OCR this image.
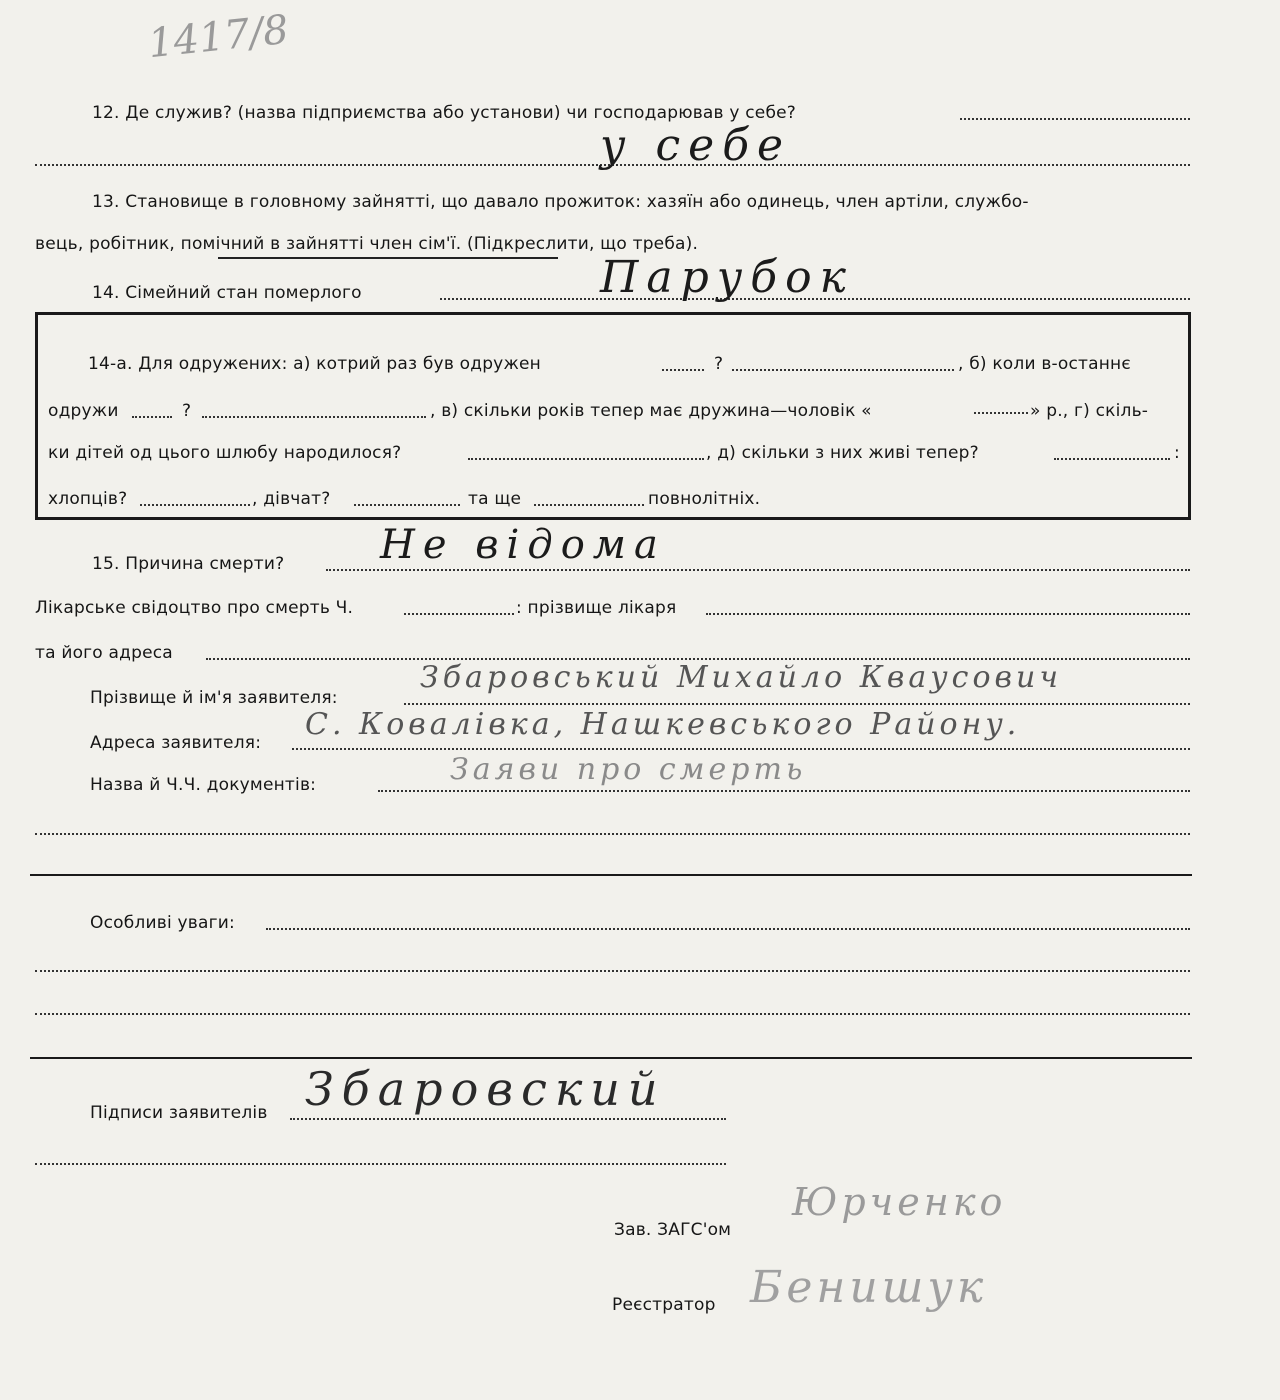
1417/8
12. Де служив? (назва підприємства або установи) чи господарював у себе?
у себе
13. Становище в головному зайнятті, що давало прожиток: хазяїн або одинець, член артіли, службо-
вець, робітник, помічний в зайнятті член сім'ї. (Підкреслити, що треба).
14. Сімейний стан померлого	Парубок
14-а. Для одружених: а) котрий раз був одружен	?	, б) коли в-останнє
одружи	?	, в) скільки років тепер має дружина—чоловік «	» р., г) скіль-
ки дітей од цього шлюбу народилося?	, д) скільки з них живі тепер?	:
хлопців?	, дівчат?	та ще	повнолітніх.
15. Причина смерти? Не відома
Лікарське свідоцтво про смерть Ч.	: прізвище лікаря
та його адреса
Прізвище й ім'я заявителя:
Збаровський Михайло Кваусович
Адреса заявителя:
С. Ковалівка, Нашкевського Району.
Назва й Ч.Ч. документів:	Заяви про смерть
Особливі уваги:
Підписи заявителів Збаровский
Зав. ЗАГС'ом
Юрченко
Реєстратор Бенишук
